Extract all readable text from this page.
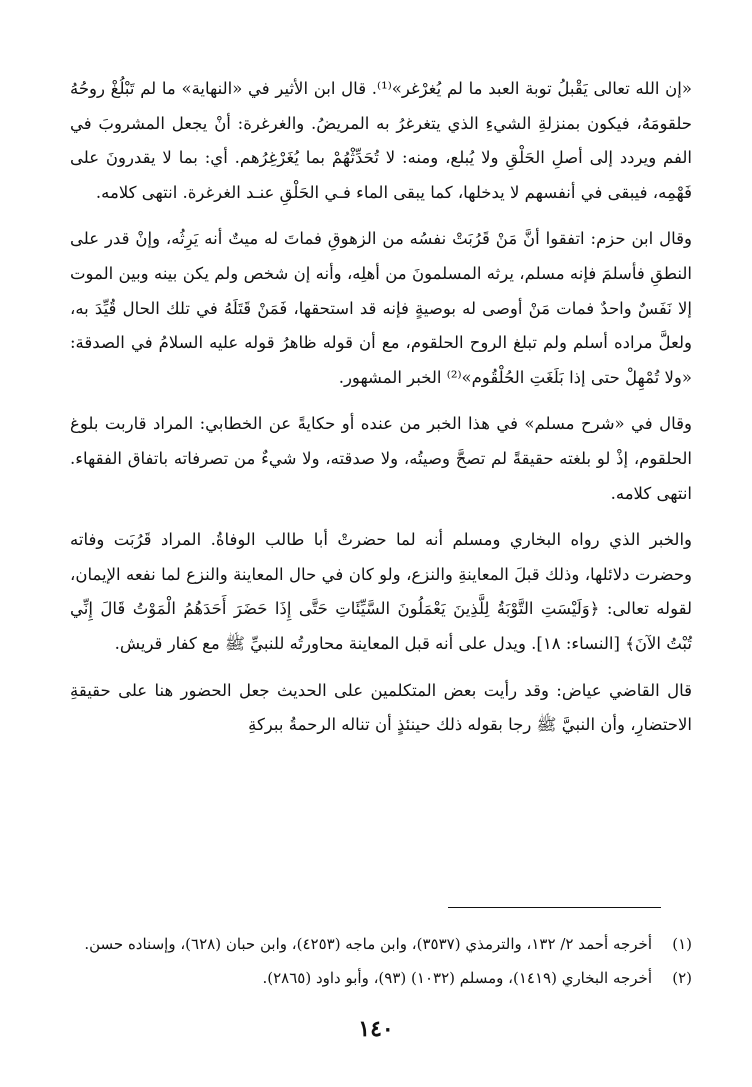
«إن الله تعالى يَقْبلُ توبة العبد ما لم يُغرْغر»⁽¹⁾. قال ابن الأثير في «النهاية» ما لم تَبْلُغْ روحُهُ حلقومَهُ، فيكون بمنزلةِ الشيءِ الذي يتغرغرُ به المريضُ. والغرغرة: أنْ يجعل المشروبَ في الفم ويردد إلى أصلِ الحَلْقِ ولا يُبلع، ومنه: لا تُحَدِّثْهُمْ بما يُغَرْغِرُهم. أي: بما لا يقدرونَ على فَهْمِه، فيبقى في أنفسهم لا يدخلها، كما يبقى الماء فـي الحَلْقِ عنـد الغرغرة. انتهى كلامه.

وقال ابن حزم: اتفقوا أنَّ مَنْ قَرُبَتْ نفسُه من الزهوقِ فماتَ له ميتٌ أنه يَرِثُه، وإنْ قدر على النطقِ فأسلمَ فإنه مسلم، يرثه المسلمونَ من أهلِه، وأنه إن شخص ولم يكن بينه وبين الموت إلا نَفَسٌ واحدٌ فمات مَنْ أوصى له بوصيةٍ فإنه قد استحقها، فَمَنْ قَتَلَهُ في تلك الحال قُيِّدَ به، ولعلَّ مراده أسلم ولم تبلغ الروح الحلقوم، مع أن قوله ظاهرُ قوله عليه السلامُ في الصدقة: «ولا تُمْهِلْ حتى إذا بَلَغَتِ الحُلْقُوم»⁽²⁾ الخبر المشهور.

وقال في «شرح مسلم» في هذا الخبر من عنده أو حكايةً عن الخطابي: المراد قاربت بلوغ الحلقوم، إذْ لو بلغته حقيقةً لم تصحَّ وصيتُه، ولا صدقته، ولا شيءٌ من تصرفاته باتفاق الفقهاء. انتهى كلامه.

والخبر الذي رواه البخاري ومسلم أنه لما حضرتْ أبا طالب الوفاةُ. المراد قَرُبَت وفاته وحضرت دلائلها، وذلك قبلَ المعاينةِ والنزع، ولو كان في حال المعاينة والنزع لما نفعه الإيمان، لقوله تعالى: ﴿وَلَيْسَتِ التَّوْبَةُ لِلَّذِينَ يَعْمَلُونَ السَّيِّئَاتِ حَتَّى إِذَا حَضَرَ أَحَدَهُمُ الْمَوْتُ قَالَ إِنِّي تُبْتُ الآنَ﴾ [النساء: ١٨]. ويدل على أنه قبل المعاينة محاورتُه للنبيِّ ﷺ مع كفار قريش.

قال القاضي عياض: وقد رأيت بعض المتكلمين على الحديث جعل الحضور هنا على حقيقةِ الاحتضارِ، وأن النبيَّ ﷺ رجا بقوله ذلك حينئذٍ أن تناله الرحمةُ ببركةِ

(١)
أخرجه أحمد ٢/ ١٣٢، والترمذي (٣٥٣٧)، وابن ماجه (٤٢٥٣)، وابن حبان (٦٢٨)، وإسناده حسن.
(٢)
أخرجه البخاري (١٤١٩)، ومسلم (١٠٣٢) (٩٣)، وأبو داود (٢٨٦٥).
١٤٠
